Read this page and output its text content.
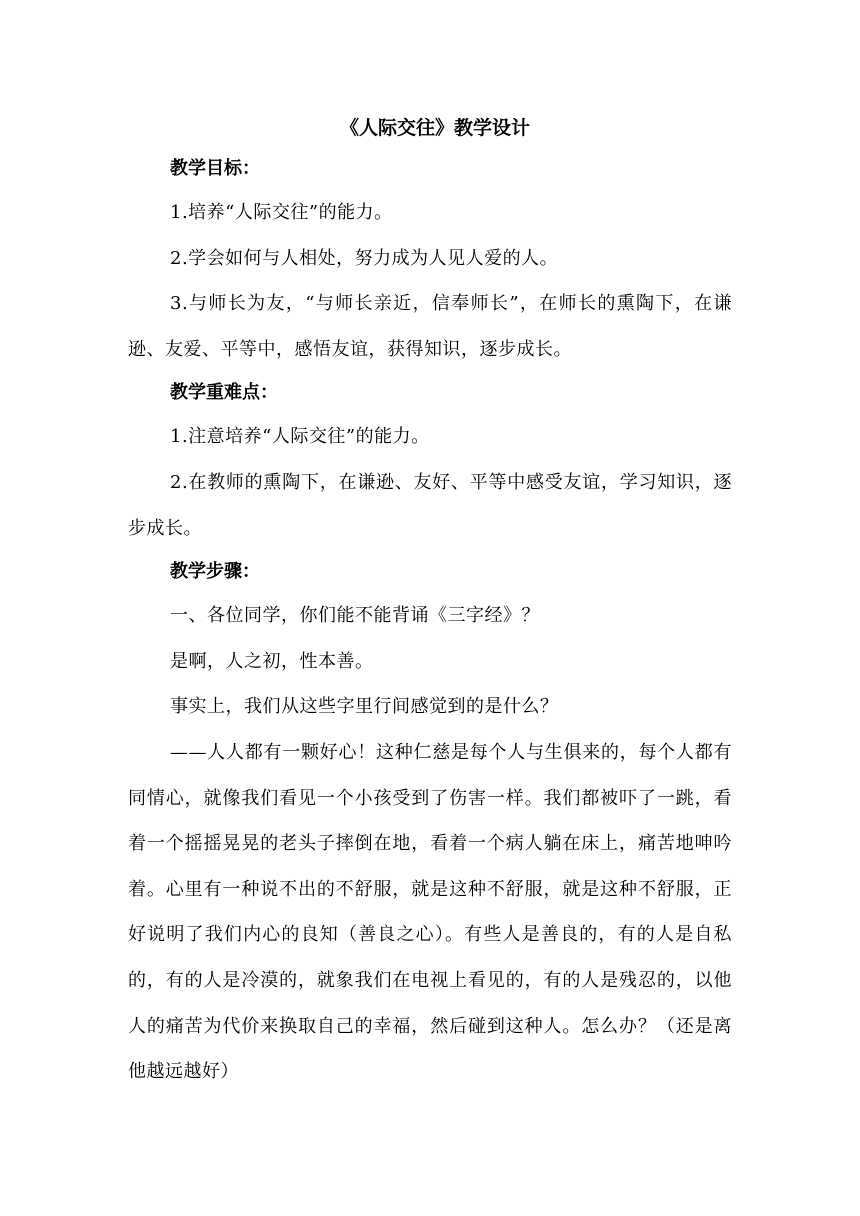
《人际交往》教学设计

教学目标：

1.培养“人际交往”的能力。

2.学会如何与人相处，努力成为人见人爱的人。

3.与师长为友，“与师长亲近，信奉师长”，在师长的熏陶下，在谦逊、友爱、平等中，感悟友谊，获得知识，逐步成长。

教学重难点：

1.注意培养“人际交往”的能力。

2.在教师的熏陶下，在谦逊、友好、平等中感受友谊，学习知识，逐步成长。

教学步骤：

一、各位同学，你们能不能背诵《三字经》？

是啊，人之初，性本善。

事实上，我们从这些字里行间感觉到的是什么？

——人人都有一颗好心！这种仁慈是每个人与生俱来的，每个人都有同情心，就像我们看见一个小孩受到了伤害一样。我们都被吓了一跳，看着一个摇摇晃晃的老头子摔倒在地，看着一个病人躺在床上，痛苦地呻吟着。心里有一种说不出的不舒服，就是这种不舒服，就是这种不舒服，正好说明了我们内心的良知（善良之心）。有些人是善良的，有的人是自私的，有的人是冷漠的，就象我们在电视上看见的，有的人是残忍的，以他人的痛苦为代价来换取自己的幸福，然后碰到这种人。怎么办？（还是离他越远越好）
